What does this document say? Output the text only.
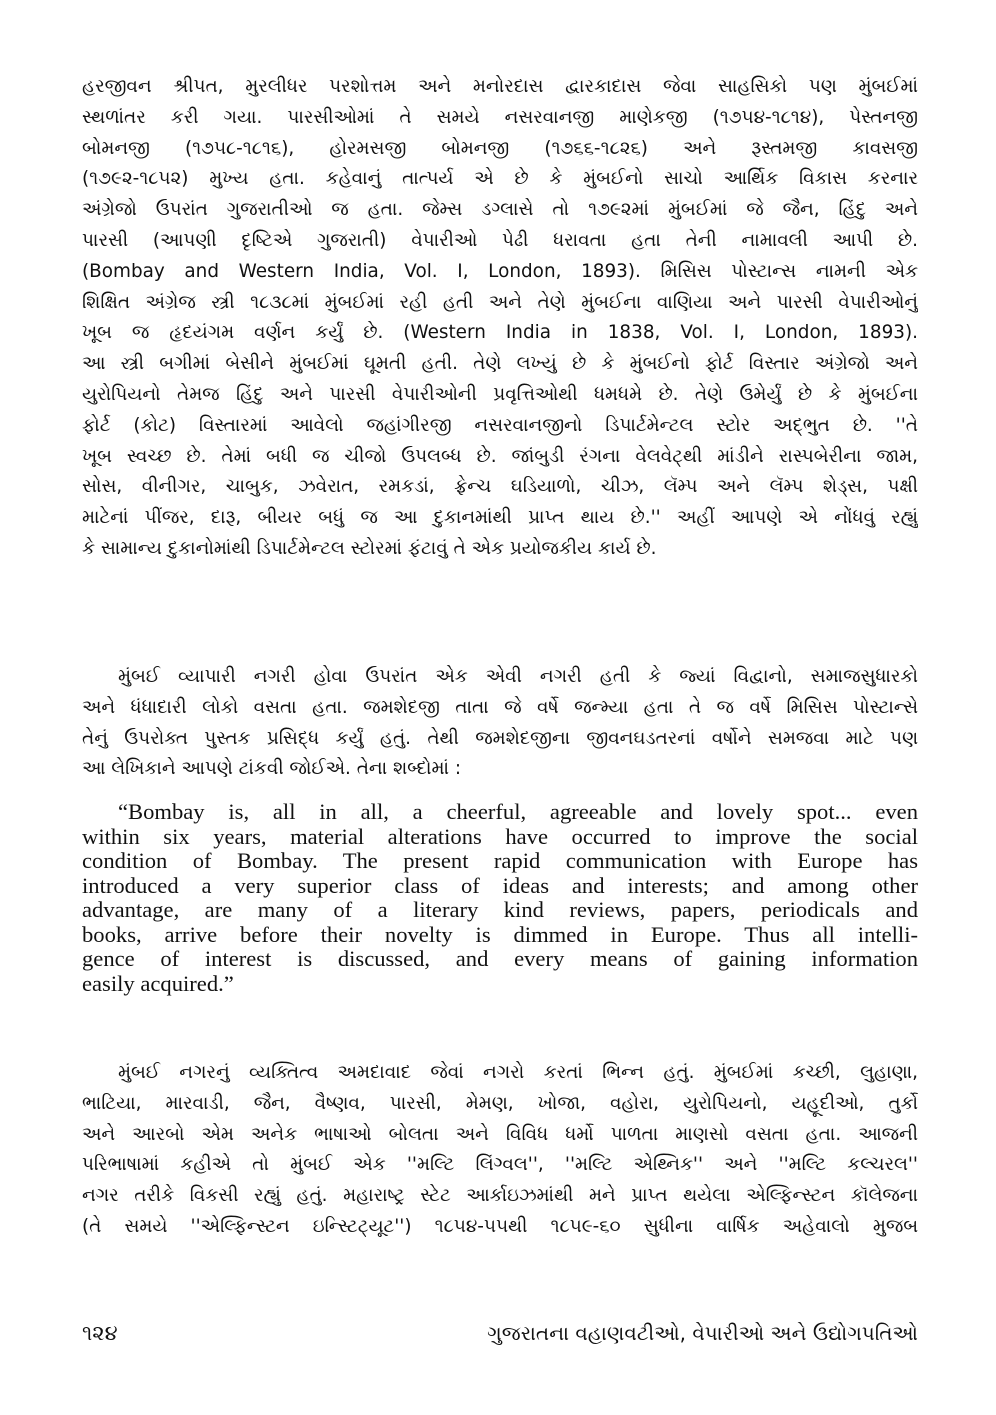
હરજીવન શ્રીપત, મુરલીધર પરશોત્તમ અને મનોરદાસ દ્વારકાદાસ જેવા સાહસિકો પણ મુંબઈમાં
સ્થળાંતર કરી ગયા. પારસીઓમાં તે સમયે નસરવાનજી માણેકજી (૧૭૫૪-૧૮૧૪), પેસ્તનજી
બોમનજી (૧૭૫૮-૧૮૧૬), હોરમસજી બોમનજી (૧૭૬૬-૧૮૨૬) અને રૂસ્તમજી કાવસજી
(૧૭૯૨-૧૮૫૨) મુખ્ય હતા. કહેવાનું તાત્પર્ય એ છે કે મુંબઈનો સાચો આર્થિક વિકાસ કરનાર
અંગ્રેજો ઉપરાંત ગુજરાતીઓ જ હતા. જેમ્સ ડગ્લાસે તો ૧૭૯૨માં મુંબઈમાં જે જૈન, હિંદુ અને
પારસી (આપણી દૃષ્ટિએ ગુજરાતી) વેપારીઓ પેઢી ધરાવતા હતા તેની નામાવલી આપી છે.
(Bombay and Western India, Vol. I, London, 1893). મિસિસ પોસ્ટાન્સ નામની એક
શિક્ષિત અંગ્રેજ સ્ત્રી ૧૮૩૮માં મુંબઈમાં રહી હતી અને તેણે મુંબઈના વાણિયા અને પારસી વેપારીઓનું
ખૂબ જ હૃદયંગમ વર્ણન કર્યું છે. (Western India in 1838, Vol. I, London, 1893).
આ સ્ત્રી બગીમાં બેસીને મુંબઈમાં ઘૂમતી હતી. તેણે લખ્યું છે કે મુંબઈનો ફોર્ટ વિસ્તાર અંગ્રેજો અને
યુરોપિયનો તેમજ હિંદુ અને પારસી વેપારીઓની પ્રવૃત્તિઓથી ધમધમે છે. તેણે ઉમેર્યું છે કે મુંબઈના
ફોર્ટ (કોટ) વિસ્તારમાં આવેલો જહાંગીરજી નસરવાનજીનો ડિપાર્ટમેન્ટલ સ્ટોર અદ્ભુત છે. ''તે
ખૂબ સ્વચ્છ છે. તેમાં બધી જ ચીજો ઉપલબ્ધ છે. જાંબુડી રંગના વેલવેટ્થી માંડીને રાસ્પબેરીના જામ,
સોસ, વીનીગર, ચાબુક, ઝવેરાત, રમકડાં, ફ્રેન્ચ ઘડિયાળો, ચીઝ, લૅમ્પ અને લૅમ્પ શેડ્સ, પક્ષી
માટેનાં પીંજર, દારૂ, બીયર બધું જ આ દુકાનમાંથી પ્રાપ્ત થાય છે.'' અહીં આપણે એ નોંધવું રહ્યું
કે સામાન્ય દુકાનોમાંથી ડિપાર્ટમેન્ટલ સ્ટોરમાં ફંટાવું તે એક પ્રયોજકીય કાર્ય છે.
મુંબઈ વ્યાપારી નગરી હોવા ઉપરાંત એક એવી નગરી હતી કે જ્યાં વિદ્વાનો, સમાજસુધારકો
અને ધંધાદારી લોકો વસતા હતા. જમશેદજી તાતા જે વર્ષે જન્મ્યા હતા તે જ વર્ષે મિસિસ પોસ્ટાન્સે
તેનું ઉપરોક્ત પુસ્તક પ્રસિદ્ધ કર્યું હતું. તેથી જમશેદજીના જીવનઘડતરનાં વર્ષોને સમજવા માટે પણ
આ લેખિકાને આપણે ટાંકવી જોઈએ. તેના શબ્દોમાં :
“Bombay is, all in all, a cheerful, agreeable and lovely spot... even
within six years, material alterations have occurred to improve the social
condition of Bombay. The present rapid communication with Europe has
introduced a very superior class of ideas and interests; and among other
advantage, are many of a literary kind reviews, papers, periodicals and
books, arrive before their novelty is dimmed in Europe. Thus all intelli-
gence of interest is discussed, and every means of gaining information
easily acquired.”
મુંબઈ નગરનું વ્યક્તિત્વ અમદાવાદ જેવાં નગરો કરતાં ભિન્ન હતું. મુંબઈમાં કચ્છી, લુહાણા,
ભાટિયા, મારવાડી, જૈન, વૈષ્ણવ, પારસી, મેમણ, ખોજા, વહોરા, યુરોપિયનો, યહૂદીઓ, તુર્કો
અને આરબો એમ અનેક ભાષાઓ બોલતા અને વિવિધ ધર્મો પાળતા માણસો વસતા હતા. આજની
પરિભાષામાં કહીએ તો મુંબઈ એક ''મલ્ટિ લિંગ્વલ'', ''મલ્ટિ એથ્નિક'' અને ''મલ્ટિ કલ્ચરલ''
નગર તરીકે વિકસી રહ્યું હતું. મહારાષ્ટ્ર સ્ટેટ આર્કાઇઝમાંથી મને પ્રાપ્ત થયેલા એલ્ફિન્સ્ટન કૉલેજના
(તે સમયે ''એલ્ફિન્સ્ટન ઇન્સ્ટિટ્યૂટ'') ૧૮૫૪-૫૫થી ૧૮૫૯-૬૦ સુધીના વાર્ષિક અહેવાલો મુજબ
૧૨૪	ગુજરાતના વહાણવટીઓ, વેપારીઓ અને ઉદ્યોગપતિઓ
